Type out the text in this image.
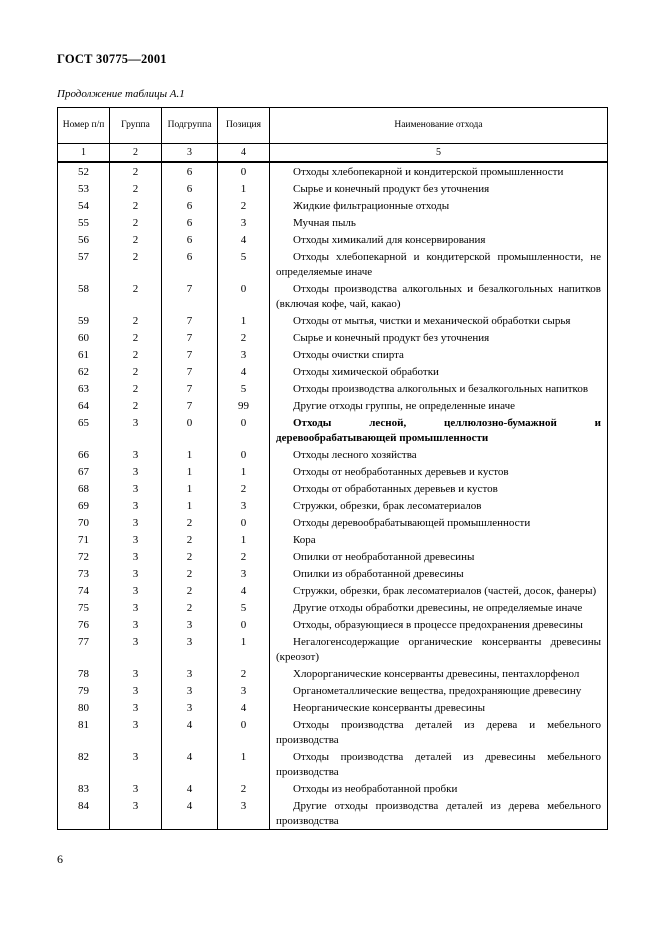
ГОСТ 30775—2001
Продолжение таблицы А.1
Номер п/п	Группа	Подгруппа	Позиция	Наименование отхода
1	2	3	4	5
52	2	6	0	Отходы хлебопекарной и кондитерской промышленности
53	2	6	1	Сырье и конечный продукт без уточнения
54	2	6	2	Жидкие фильтрационные отходы
55	2	6	3	Мучная пыль
56	2	6	4	Отходы химикалий для консервирования
57	2	6	5	Отходы хлебопекарной и кондитерской промышленности, не определяемые иначе
58	2	7	0	Отходы производства алкогольных и безалкогольных напитков (включая кофе, чай, какао)
59	2	7	1	Отходы от мытья, чистки и механической обработки сырья
60	2	7	2	Сырье и конечный продукт без уточнения
61	2	7	3	Отходы очистки спирта
62	2	7	4	Отходы химической обработки
63	2	7	5	Отходы производства алкогольных и безалкогольных напитков
64	2	7	99	Другие отходы группы, не определенные иначе
65	3	0	0	Отходы лесной, целлюлозно-бумажной и деревообрабатывающей промышленности
66	3	1	0	Отходы лесного хозяйства
67	3	1	1	Отходы от необработанных деревьев и кустов
68	3	1	2	Отходы от обработанных деревьев и кустов
69	3	1	3	Стружки, обрезки, брак лесоматериалов
70	3	2	0	Отходы деревообрабатывающей промышленности
71	3	2	1	Кора
72	3	2	2	Опилки от необработанной древесины
73	3	2	3	Опилки из обработанной древесины
74	3	2	4	Стружки, обрезки, брак лесоматериалов (частей, досок, фанеры)
75	3	2	5	Другие отходы обработки древесины, не определяемые иначе
76	3	3	0	Отходы, образующиеся в процессе предохранения древесины
77	3	3	1	Негалогенсодержащие органические консерванты древесины (креозот)
78	3	3	2	Хлорорганические консерванты древесины, пентахлорфенол
79	3	3	3	Органометаллические вещества, предохраняющие древесину
80	3	3	4	Неорганические консерванты древесины
81	3	4	0	Отходы производства деталей из дерева и мебельного производства
82	3	4	1	Отходы производства деталей из древесины мебельного производства
83	3	4	2	Отходы из необработанной пробки
84	3	4	3	Другие отходы производства деталей из дерева мебельного производства
6
